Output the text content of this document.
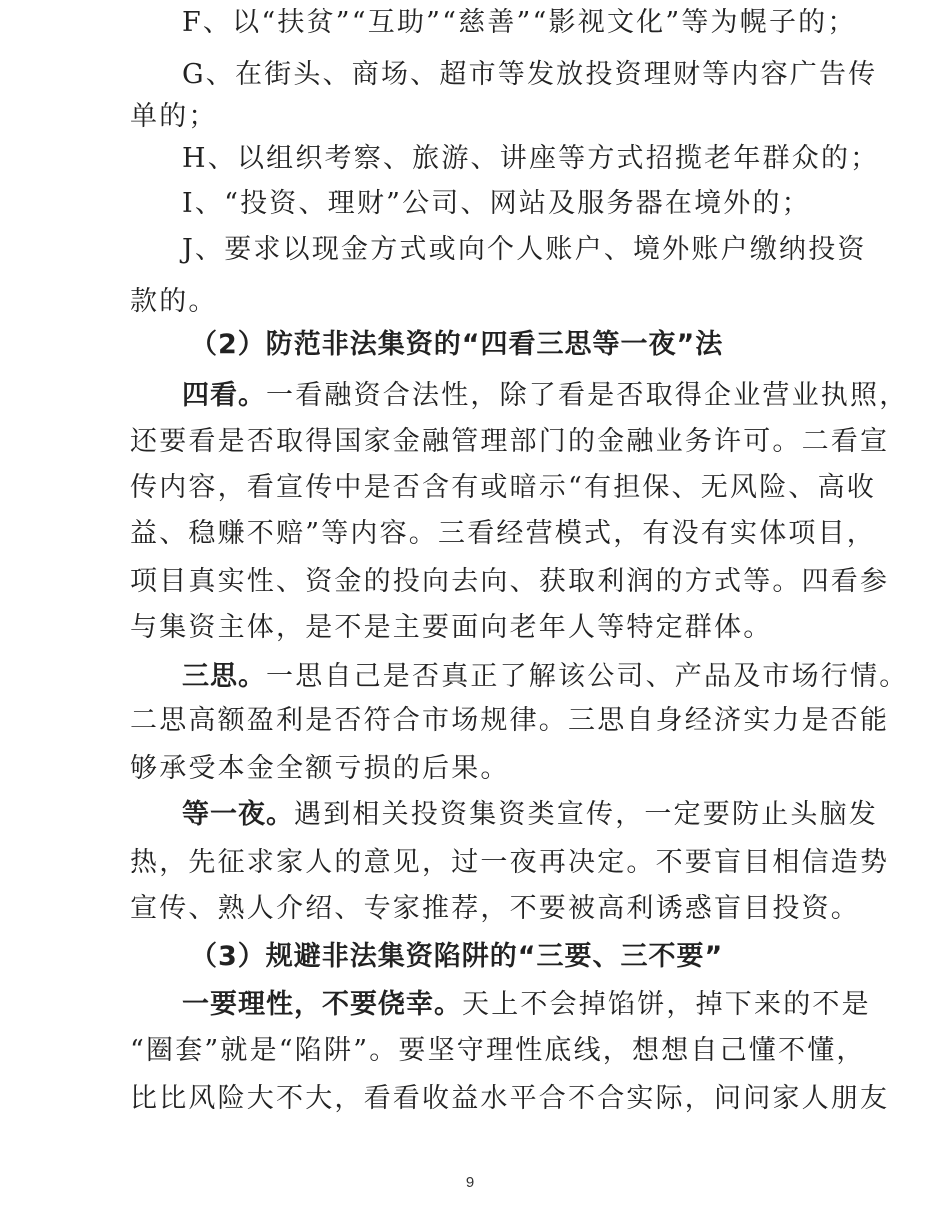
F、以“扶贫”“互助”“慈善”“影视文化”等为幌子的；
G、在街头、商场、超市等发放投资理财等内容广告传
单的；
H、以组织考察、旅游、讲座等方式招揽老年群众的；
I、“投资、理财”公司、网站及服务器在境外的；
J、要求以现金方式或向个人账户、境外账户缴纳投资
款的。
（2）防范非法集资的“四看三思等一夜”法
四看。一看融资合法性，除了看是否取得企业营业执照，
还要看是否取得国家金融管理部门的金融业务许可。二看宣
传内容，看宣传中是否含有或暗示“有担保、无风险、高收
益、稳赚不赔”等内容。三看经营模式，有没有实体项目，
项目真实性、资金的投向去向、获取利润的方式等。四看参
与集资主体，是不是主要面向老年人等特定群体。
三思。一思自己是否真正了解该公司、产品及市场行情。
二思高额盈利是否符合市场规律。三思自身经济实力是否能
够承受本金全额亏损的后果。
等一夜。遇到相关投资集资类宣传，一定要防止头脑发
热，先征求家人的意见，过一夜再决定。不要盲目相信造势
宣传、熟人介绍、专家推荐，不要被高利诱惑盲目投资。
（3）规避非法集资陷阱的“三要、三不要”
一要理性，不要侥幸。天上不会掉馅饼，掉下来的不是
“圈套”就是“陷阱”。要坚守理性底线，想想自己懂不懂，
比比风险大不大，看看收益水平合不合实际，问问家人朋友
9
